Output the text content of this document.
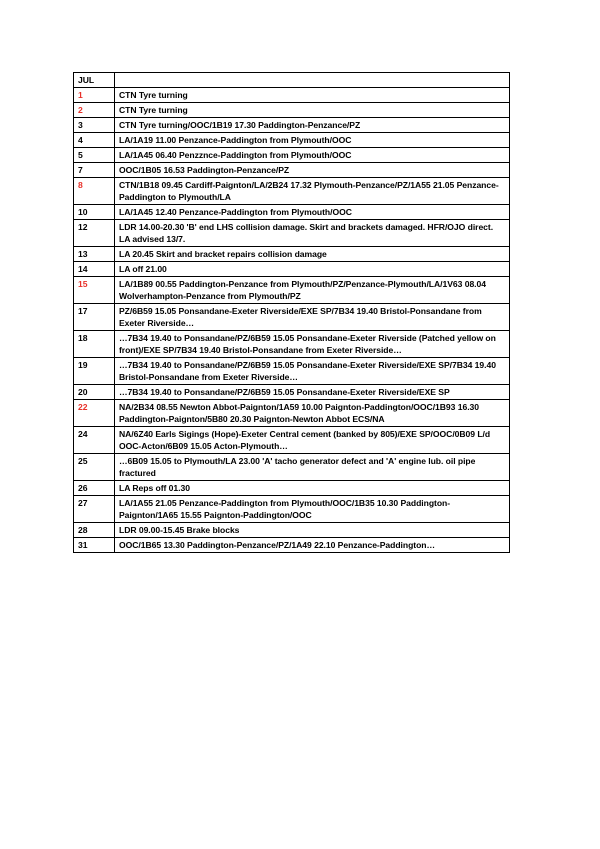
JUL	
1	CTN Tyre turning
2	CTN Tyre turning
3	CTN Tyre turning/OOC/1B19 17.30 Paddington-Penzance/PZ
4	LA/1A19 11.00 Penzance-Paddington from Plymouth/OOC
5	LA/1A45 06.40 Penzznce-Paddington from Plymouth/OOC
7	OOC/1B05 16.53 Paddington-Penzance/PZ
8	CTN/1B18 09.45 Cardiff-Paignton/LA/2B24 17.32 Plymouth-Penzance/PZ/1A55 21.05 Penzance-Paddington to Plymouth/LA
10	LA/1A45 12.40 Penzance-Paddington from Plymouth/OOC
12	LDR 14.00-20.30 'B' end LHS collision damage. Skirt and brackets damaged. HFR/OJO direct. LA advised 13/7.
13	LA 20.45 Skirt and bracket repairs collision damage
14	LA off 21.00
15	LA/1B89 00.55 Paddington-Penzance from Plymouth/PZ/Penzance-Plymouth/LA/1V63 08.04 Wolverhampton-Penzance from Plymouth/PZ
17	PZ/6B59 15.05 Ponsandane-Exeter Riverside/EXE SP/7B34 19.40 Bristol-Ponsandane from Exeter Riverside…
18	…7B34 19.40 to Ponsandane/PZ/6B59 15.05 Ponsandane-Exeter Riverside (Patched yellow on front)/EXE SP/7B34 19.40 Bristol-Ponsandane from Exeter Riverside…
19	…7B34 19.40 to Ponsandane/PZ/6B59 15.05 Ponsandane-Exeter Riverside/EXE SP/7B34 19.40 Bristol-Ponsandane from Exeter Riverside…
20	…7B34 19.40 to Ponsandane/PZ/6B59 15.05 Ponsandane-Exeter Riverside/EXE SP
22	NA/2B34 08.55 Newton Abbot-Paignton/1A59 10.00 Paignton-Paddington/OOC/1B93 16.30 Paddington-Paignton/5B80 20.30 Paignton-Newton Abbot ECS/NA
24	NA/6Z40 Earls Sigings (Hope)-Exeter Central cement (banked by 805)/EXE SP/OOC/0B09 L/d OOC-Acton/6B09 15.05 Acton-Plymouth…
25	…6B09 15.05 to Plymouth/LA 23.00 'A' tacho generator defect and 'A' engine lub. oil pipe fractured
26	LA Reps off 01.30
27	LA/1A55 21.05 Penzance-Paddington from Plymouth/OOC/1B35 10.30 Paddington-Paignton/1A65 15.55 Paignton-Paddington/OOC
28	LDR 09.00-15.45 Brake blocks
31	OOC/1B65 13.30 Paddington-Penzance/PZ/1A49 22.10 Penzance-Paddington…
